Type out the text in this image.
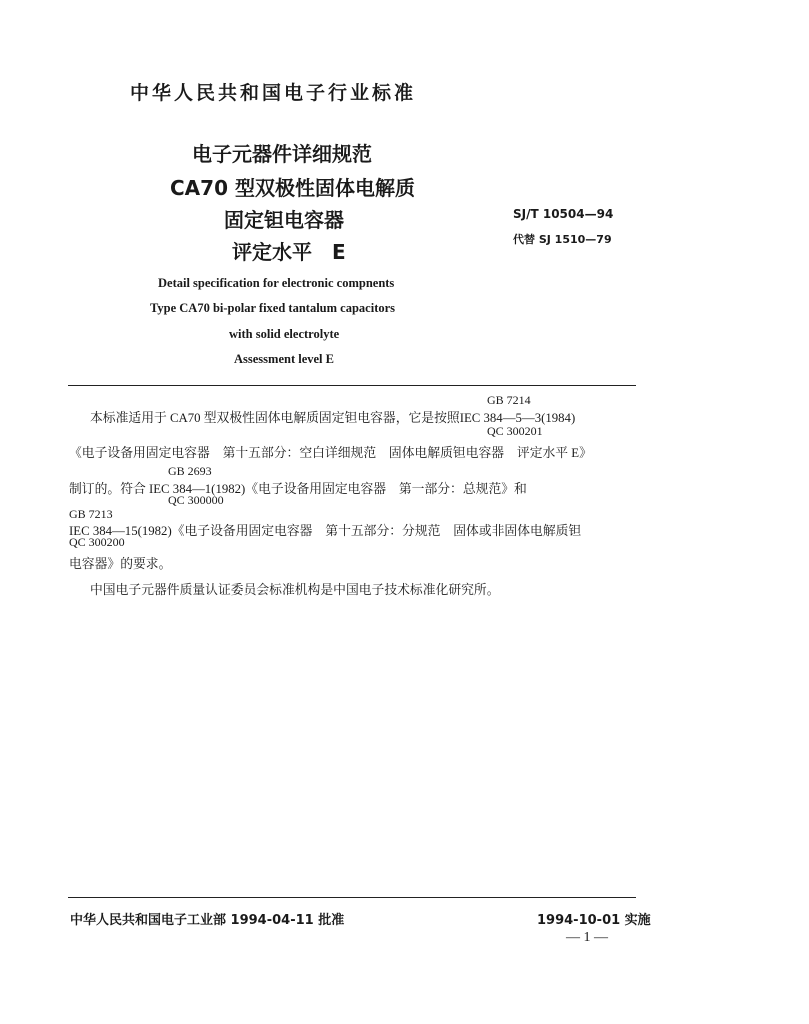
中华人民共和国电子行业标准
电子元器件详细规范
CA70 型双极性固体电解质
固定钽电容器
评定水平　E
SJ/T 10504—94
代替 SJ 1510—79
Detail specification for electronic compnents
Type CA70 bi-polar fixed tantalum capacitors
with solid electrolyte
Assessment level E
GB 7214
本标准适用于 CA70 型双极性固体电解质固定钽电容器，它是按照IEC 384—5—3(1984)
QC 300201
《电子设备用固定电容器　第十五部分：空白详细规范　固体电解质钽电容器　评定水平 E》
GB 2693
制订的。符合 IEC 384—1(1982)《电子设备用固定电容器　第一部分：总规范》和
QC 300000
GB 7213
IEC 384—15(1982)《电子设备用固定电容器　第十五部分：分规范　固体或非固体电解质钽
QC 300200
电容器》的要求。
中国电子元器件质量认证委员会标准机构是中国电子技术标准化研究所。
中华人民共和国电子工业部 1994-04-11 批准	1994-10-01 实施
— 1 —
